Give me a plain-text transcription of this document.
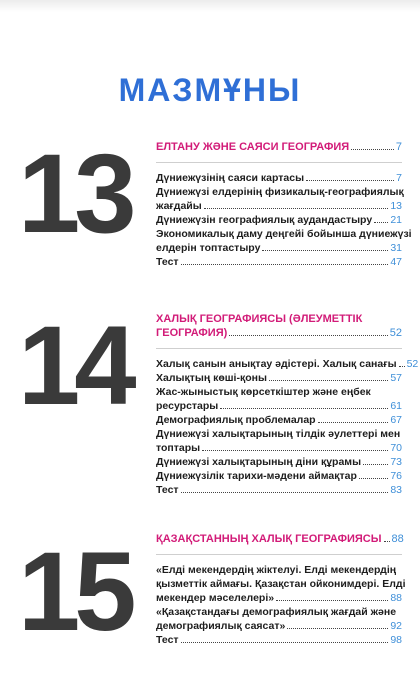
МАЗМҰНЫ
13 ЕЛТАНУ ЖӘНЕ САЯСИ ГЕОГРАФИЯ	7
Дүниежүзінің саяси картасы	7
Дүниежүзі елдерінің физикалық-географиялық
жағдайы	13
Дүниежүзін географиялық аудандастыру 21
Экономикалық даму деңгейі бойынша дүниежүзі
елдерін топтастыру	31
Тест	47
14 ХАЛЫҚ ГЕОГРАФИЯСЫ (ӘЛЕУМЕТТІК
ГЕОГРАФИЯ)	52
Халық санын анықтау әдістері. Халық санағы 52
Халықтың көші-қоны	57
Жас-жыныстық көрсеткіштер және еңбек
ресурстары	61
Демографиялық проблемалар	67
Дүниежүзі халықтарының тілдік әулеттері мен
топтары	70
Дүниежүзі халықтарының діни құрамы	73
Дүниежүзілік тарихи-мәдени аймақтар	76
Тест	83
15 ҚАЗАҚСТАННЫҢ ХАЛЫҚ ГЕОГРАФИЯСЫ 88
«Елді мекендердің жіктелуі. Елді мекендердің
қызметтік аймағы. Қазақстан ойконимдері. Елді
мекендер мәселелері»	88
«Қазақстандағы демографиялық жағдай және
демографиялық саясат»	92
Тест	98
